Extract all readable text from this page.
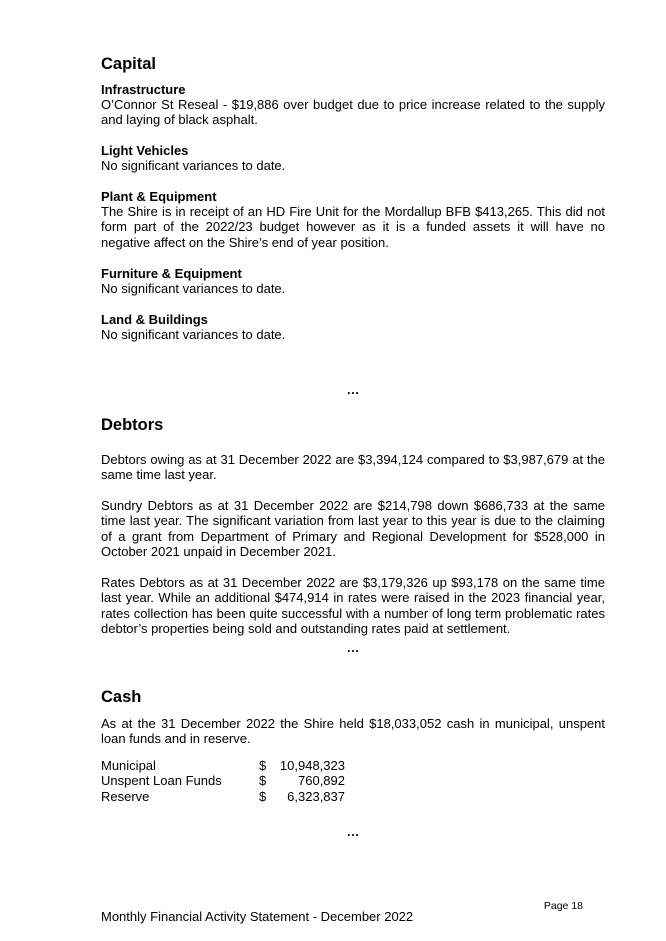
Capital
Infrastructure

O’Connor St Reseal - $19,886 over budget due to price increase related to the supply and laying of black asphalt.

Light Vehicles

No significant variances to date.

Plant & Equipment

The Shire is in receipt of an HD Fire Unit for the Mordallup BFB $413,265. This did not form part of the 2022/23 budget however as it is a funded assets it will have no negative affect on the Shire’s end of year position.

Furniture & Equipment

No significant variances to date.

Land & Buildings

No significant variances to date.

…
Debtors

Debtors owing as at 31 December 2022 are $3,394,124 compared to $3,987,679 at the same time last year.

Sundry Debtors as at 31 December 2022 are $214,798 down $686,733 at the same time last year. The significant variation from last year to this year is due to the claiming of a grant from Department of Primary and Regional Development for $528,000 in October 2021 unpaid in December 2021.

Rates Debtors as at 31 December 2022 are $3,179,326 up $93,178 on the same time last year. While an additional $474,914 in rates were raised in the 2023 financial year, rates collection has been quite successful with a number of long term problematic rates debtor’s properties being sold and outstanding rates paid at settlement.

…
Cash

As at the 31 December 2022 the Shire held $18,033,052 cash in municipal, unspent loan funds and in reserve.

Municipal	$	10,948,323
Unspent Loan Funds	$	760,892
Reserve	$	6,323,837
…
Page 18
Monthly Financial Activity Statement - December 2022
